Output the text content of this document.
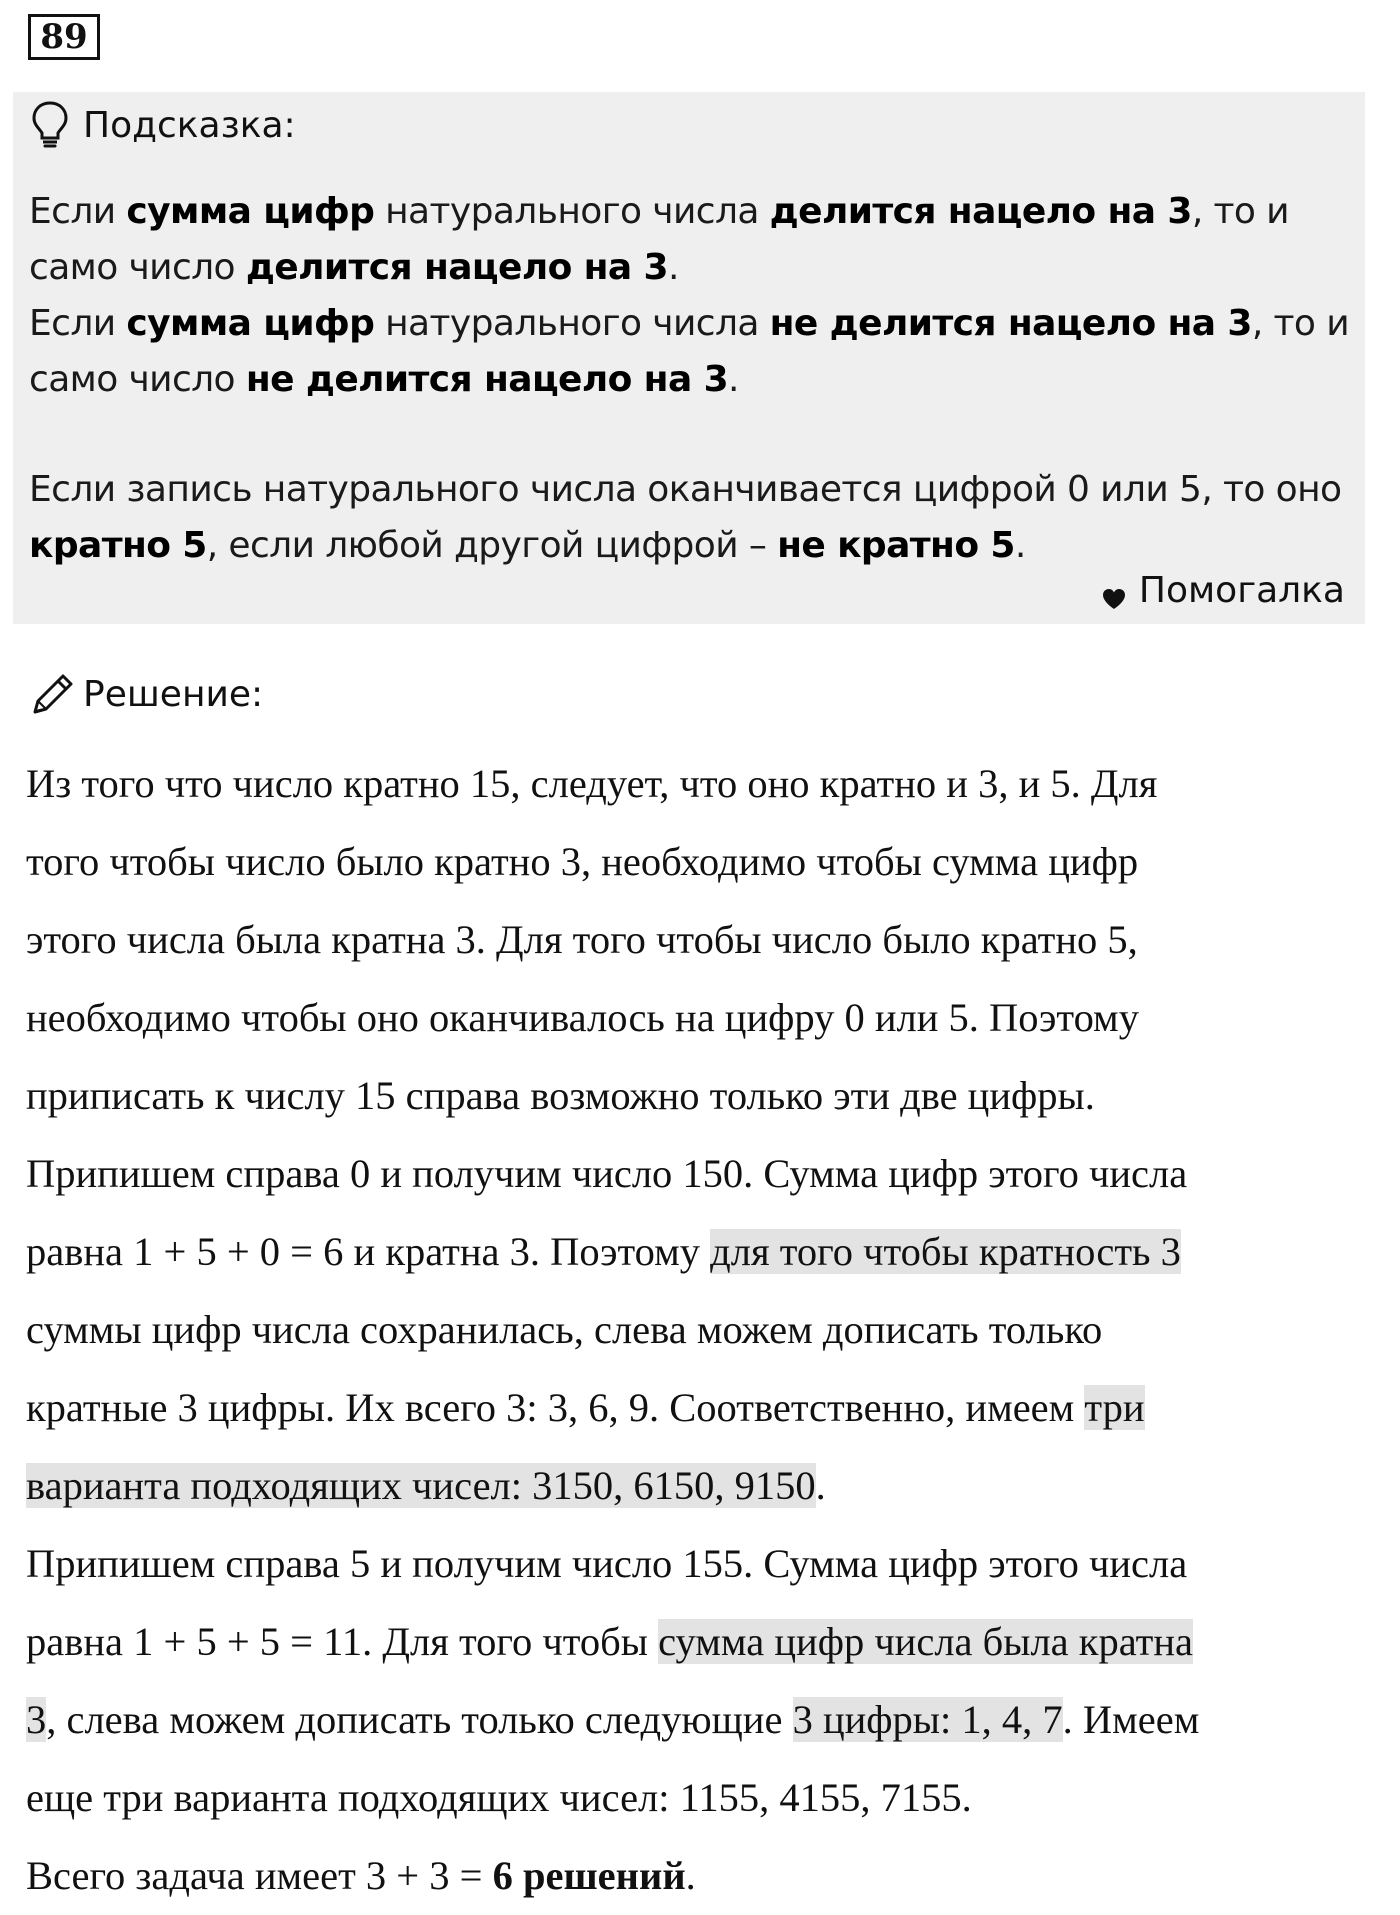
89
Подсказка:

Если сумма цифр натурального числа делится нацело на 3, то и само число делится нацело на 3.

Если сумма цифр натурального числа не делится нацело на 3, то и само число не делится нацело на 3.

Если запись натурального числа оканчивается цифрой 0 или 5, то оно кратно 5, если любой другой цифрой – не кратно 5.

Помогалка
Решение:
Из того что число кратно 15, следует, что оно кратно и 3, и 5. Для
того чтобы число было кратно 3, необходимо чтобы сумма цифр
этого числа была кратна 3. Для того чтобы число было кратно 5,
необходимо чтобы оно оканчивалось на цифру 0 или 5. Поэтому
приписать к числу 15 справа возможно только эти две цифры.
Припишем справа 0 и получим число 150. Сумма цифр этого числа
равна 1 + 5 + 0 = 6 и кратна 3. Поэтому для того чтобы кратность 3
суммы цифр числа сохранилась, слева можем дописать только
кратные 3 цифры. Их всего 3: 3, 6, 9. Соответственно, имеем три
варианта подходящих чисел: 3150, 6150, 9150.
Припишем справа 5 и получим число 155. Сумма цифр этого числа
равна 1 + 5 + 5 = 11. Для того чтобы сумма цифр числа была кратна
3, слева можем дописать только следующие 3 цифры: 1, 4, 7. Имеем
еще три варианта подходящих чисел: 1155, 4155, 7155.
Всего задача имеет 3 + 3 = 6 решений.
